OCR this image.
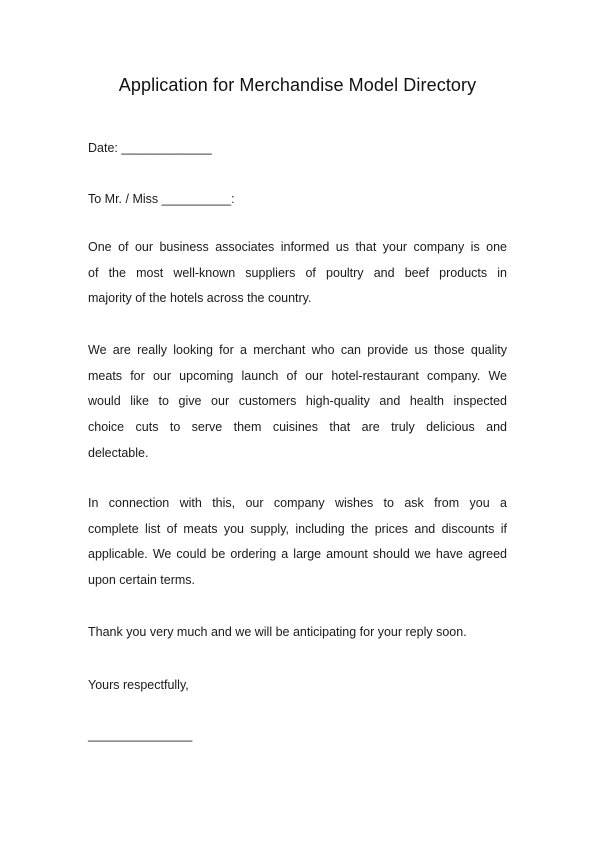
Application for Merchandise Model Directory

Date: _____________

To Mr. / Miss __________:

One of our business associates informed us that your company is one
of the most well-known suppliers of poultry and beef products in
majority of the hotels across the country.
We are really looking for a merchant who can provide us those quality
meats for our upcoming launch of our hotel-restaurant company. We
would like to give our customers high-quality and health inspected
choice cuts to serve them cuisines that are truly delicious and
delectable.
In connection with this, our company wishes to ask from you a
complete list of meats you supply, including the prices and discounts if
applicable. We could be ordering a large amount should we have agreed
upon certain terms.

Thank you very much and we will be anticipating for your reply soon.

Yours respectfully,

_______________
